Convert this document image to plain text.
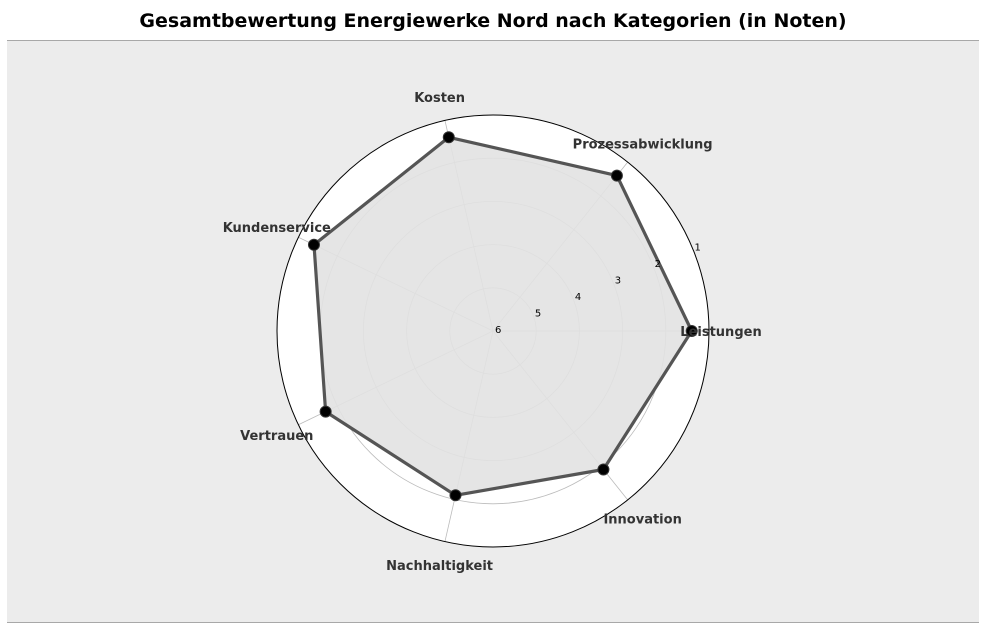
Gesamtbewertung Energiewerke Nord nach Kategorien (in Noten)
1
2
3
4
5
6	Leistungen
Prozessabwicklung
Kosten
Kundenservice
Vertrauen
Nachhaltigkeit
Innovation
